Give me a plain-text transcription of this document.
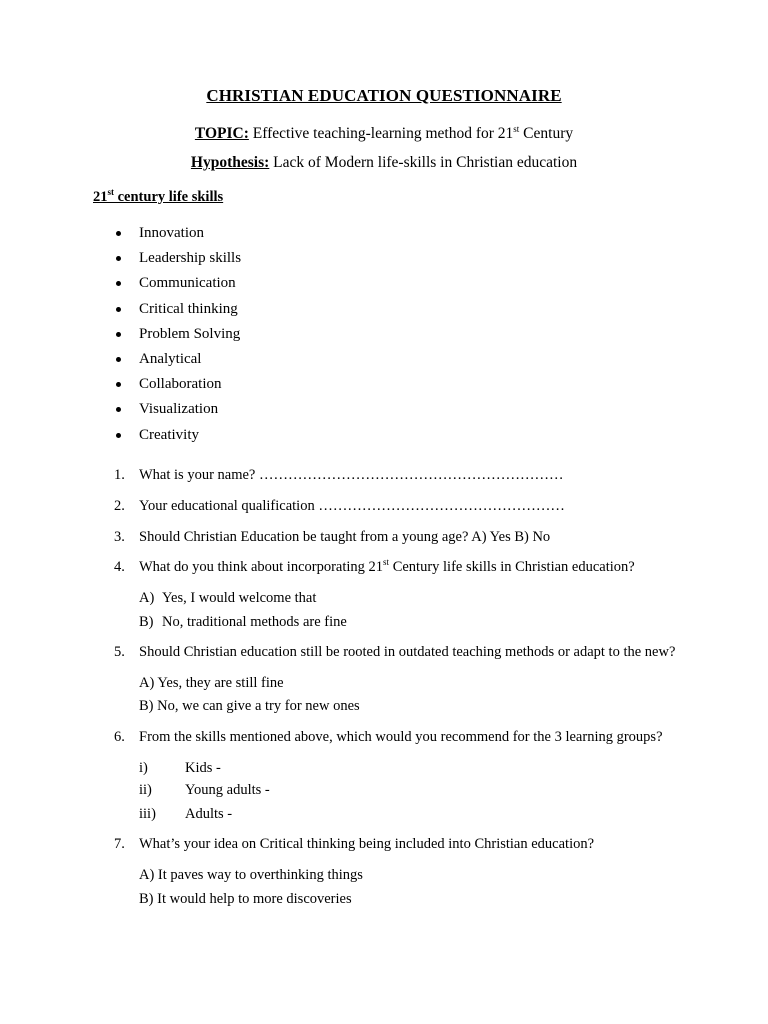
CHRISTIAN EDUCATION QUESTIONNAIRE
TOPIC: Effective teaching-learning method for 21st Century
Hypothesis: Lack of Modern life-skills in Christian education
21st century life skills
Innovation
Leadership skills
Communication
Critical thinking
Problem Solving
Analytical
Collaboration
Visualization
Creativity
1. What is your name? ………………………………………………………
2. Your educational qualification ……………………………………………
3. Should Christian Education be taught from a young age? A) Yes B) No
4. What do you think about incorporating 21st Century life skills in Christian education?
A) Yes, I would welcome that
B) No, traditional methods are fine
5. Should Christian education still be rooted in outdated teaching methods or adapt to the new?
A) Yes, they are still fine
B) No, we can give a try for new ones
6. From the skills mentioned above, which would you recommend for the 3 learning groups?
i)	Kids -
ii) Young adults -
iii) Adults -
7. What’s your idea on Critical thinking being included into Christian education?
A) It paves way to overthinking things
B) It would help to more discoveries
